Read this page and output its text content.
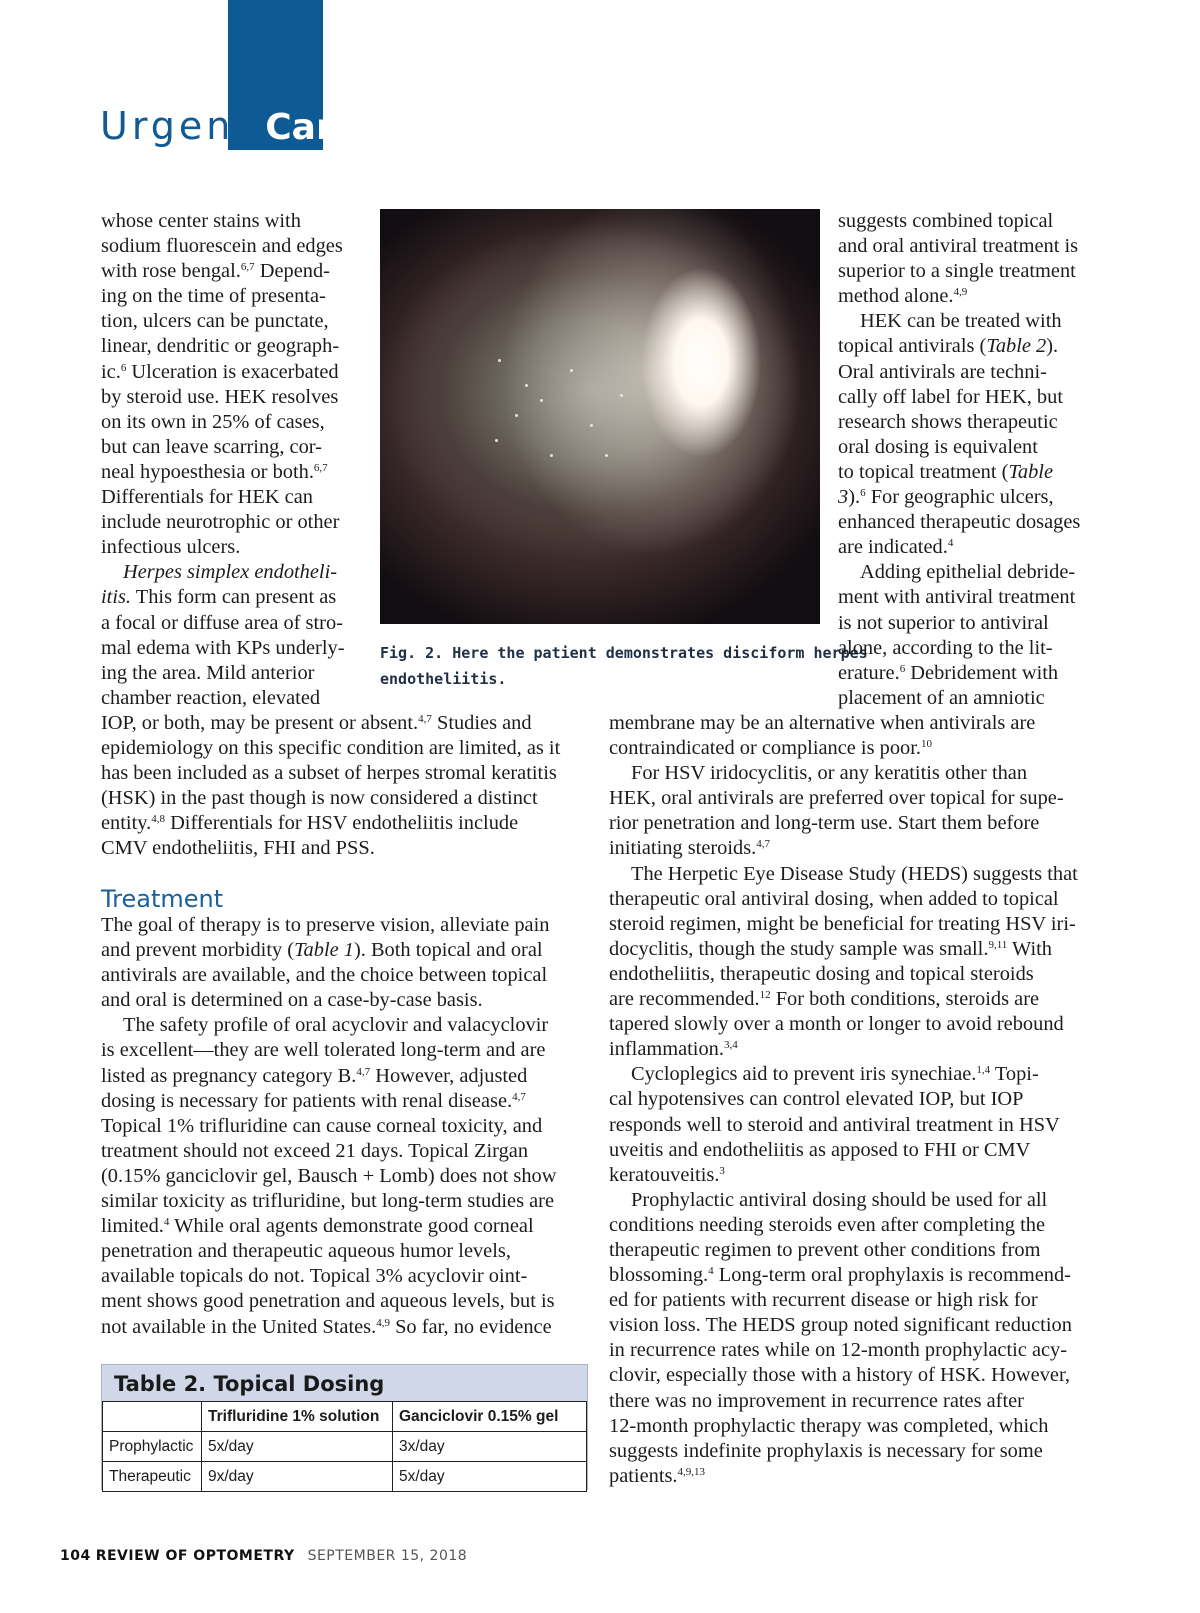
Urgent Care
Fig. 2. Here the patient demonstrates disciform herpes
endotheliitis.
whose center stains with
sodium fluorescein and edges
with rose bengal.$^{6,7}$ Depend-
ing on the time of presenta-
tion, ulcers can be punctate,
linear, dendritic or geograph-
ic.$^6$ Ulceration is exacerbated
by steroid use. HEK resolves
on its own in 25% of cases,
but can leave scarring, cor-
neal hypoesthesia or both.$^{6,7}$
Differentials for HEK can
include neurotrophic or other
infectious ulcers.
Herpes simplex endotheli-
itis. This form can present as
a focal or diffuse area of stro-
mal edema with KPs underly-
ing the area. Mild anterior
chamber reaction, elevated
IOP, or both, may be present or absent.$^{4,7}$ Studies and
epidemiology on this specific condition are limited, as it
has been included as a subset of herpes stromal keratitis
(HSK) in the past though is now considered a distinct
entity.$^{4,8}$ Differentials for HSV endotheliitis include
CMV endotheliitis, FHI and PSS.
Treatment
The goal of therapy is to preserve vision, alleviate pain
and prevent morbidity (Table 1). Both topical and oral
antivirals are available, and the choice between topical
and oral is determined on a case-by-case basis.
The safety profile of oral acyclovir and valacyclovir
is excellent—they are well tolerated long-term and are
listed as pregnancy category B.$^{4,7}$ However, adjusted
dosing is necessary for patients with renal disease.$^{4,7}$
Topical 1% trifluridine can cause corneal toxicity, and
treatment should not exceed 21 days. Topical Zirgan
(0.15% ganciclovir gel, Bausch + Lomb) does not show
similar toxicity as trifluridine, but long-term studies are
limited.$^4$ While oral agents demonstrate good corneal
penetration and therapeutic aqueous humor levels,
available topicals do not. Topical 3% acyclovir oint-
ment shows good penetration and aqueous levels, but is
not available in the United States.$^{4,9}$ So far, no evidence
Table 2. Topical Dosing
	Trifluridine 1% solution	Ganciclovir 0.15% gel
Prophylactic	5x/day	3x/day
Therapeutic	9x/day	5x/day
suggests combined topical
and oral antiviral treatment is
superior to a single treatment
method alone.$^{4,9}$
HEK can be treated with
topical antivirals (Table 2).
Oral antivirals are techni-
cally off label for HEK, but
research shows therapeutic
oral dosing is equivalent
to topical treatment (Table
3).$^6$ For geographic ulcers,
enhanced therapeutic dosages
are indicated.$^4$
Adding epithelial debride-
ment with antiviral treatment
is not superior to antiviral
alone, according to the lit-
erature.$^6$ Debridement with
placement of an amniotic
membrane may be an alternative when antivirals are
contraindicated or compliance is poor.$^{10}$
For HSV iridocyclitis, or any keratitis other than
HEK, oral antivirals are preferred over topical for supe-
rior penetration and long-term use. Start them before
initiating steroids.$^{4,7}$
The Herpetic Eye Disease Study (HEDS) suggests that
therapeutic oral antiviral dosing, when added to topical
steroid regimen, might be beneficial for treating HSV iri-
docyclitis, though the study sample was small.$^{9,11}$ With
endotheliitis, therapeutic dosing and topical steroids
are recommended.$^{12}$ For both conditions, steroids are
tapered slowly over a month or longer to avoid rebound
inflammation.$^{3,4}$
Cycloplegics aid to prevent iris synechiae.$^{1,4}$ Topi-
cal hypotensives can control elevated IOP, but IOP
responds well to steroid and antiviral treatment in HSV
uveitis and endotheliitis as apposed to FHI or CMV
keratouveitis.$^3$
Prophylactic antiviral dosing should be used for all
conditions needing steroids even after completing the
therapeutic regimen to prevent other conditions from
blossoming.$^4$ Long-term oral prophylaxis is recommend-
ed for patients with recurrent disease or high risk for
vision loss. The HEDS group noted significant reduction
in recurrence rates while on 12-month prophylactic acy-
clovir, especially those with a history of HSK. However,
there was no improvement in recurrence rates after
12-month prophylactic therapy was completed, which
suggests indefinite prophylaxis is necessary for some
patients.$^{4,9,13}$
104 REVIEW OF OPTOMETRY SEPTEMBER 15, 2018
